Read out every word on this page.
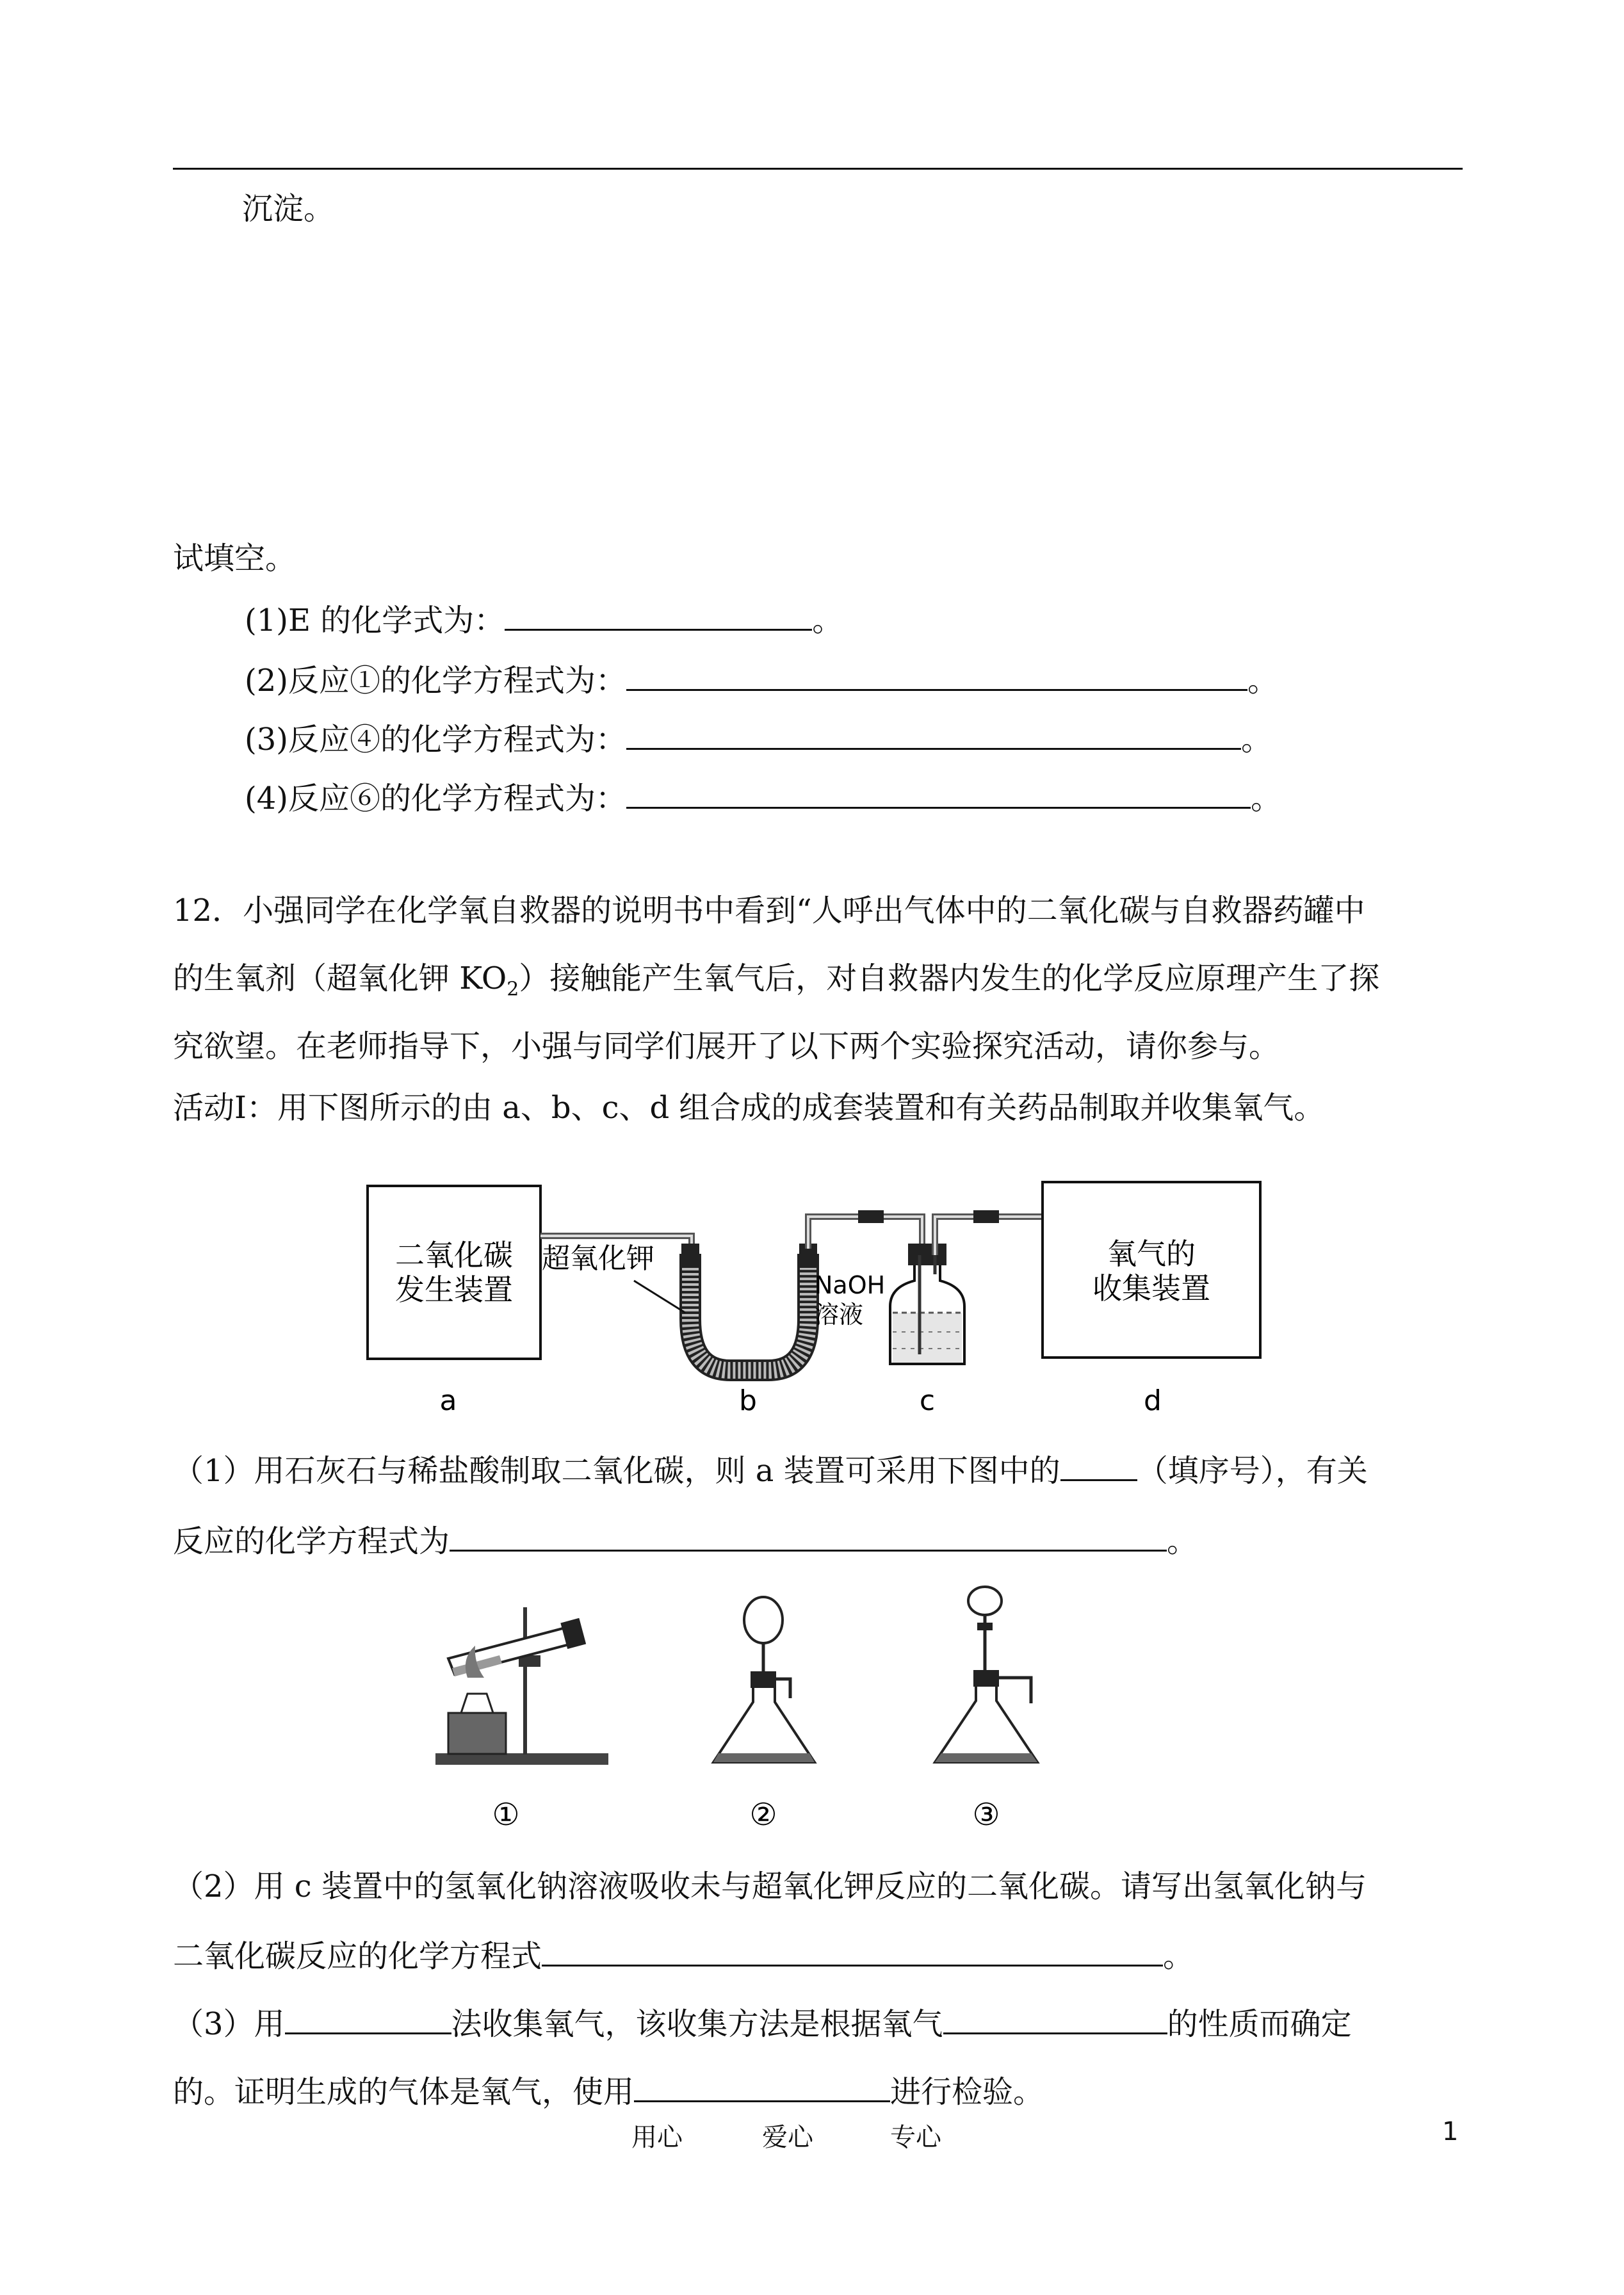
沉淀。
试填空。
(1)E 的化学式为：	。
(2)反应①的化学方程式为：	。
(3)反应④的化学方程式为：	。
(4)反应⑥的化学方程式为：	。
12．小强同学在化学氧自救器的说明书中看到“人呼出气体中的二氧化碳与自救器药罐中
的生氧剂（超氧化钾 $KO_2$）接触能产生氧气后，对自救器内发生的化学反应原理产生了探
究欲望。在老师指导下，小强与同学们展开了以下两个实验探究活动，请你参与。
活动Ⅰ：用下图所示的由 a、b、c、d 组合成的成套装置和有关药品制取并收集氧气。
二氧化碳
发生装置
超氧化钾
NaOH
溶液
氧气的
收集装置
a	b	c	d
（1）用石灰石与稀盐酸制取二氧化碳，则 a 装置可采用下图中的	（填序号），有关
反应的化学方程式为	。
①	②	③
（2）用 c 装置中的氢氧化钠溶液吸收未与超氧化钾反应的二氧化碳。请写出氢氧化钠与
二氧化碳反应的化学方程式	。
（3）用	法收集氧气，该收集方法是根据氧气	的性质而确定
的。证明生成的气体是氧气，使用	进行检验。
用心	爱心	专心	1
